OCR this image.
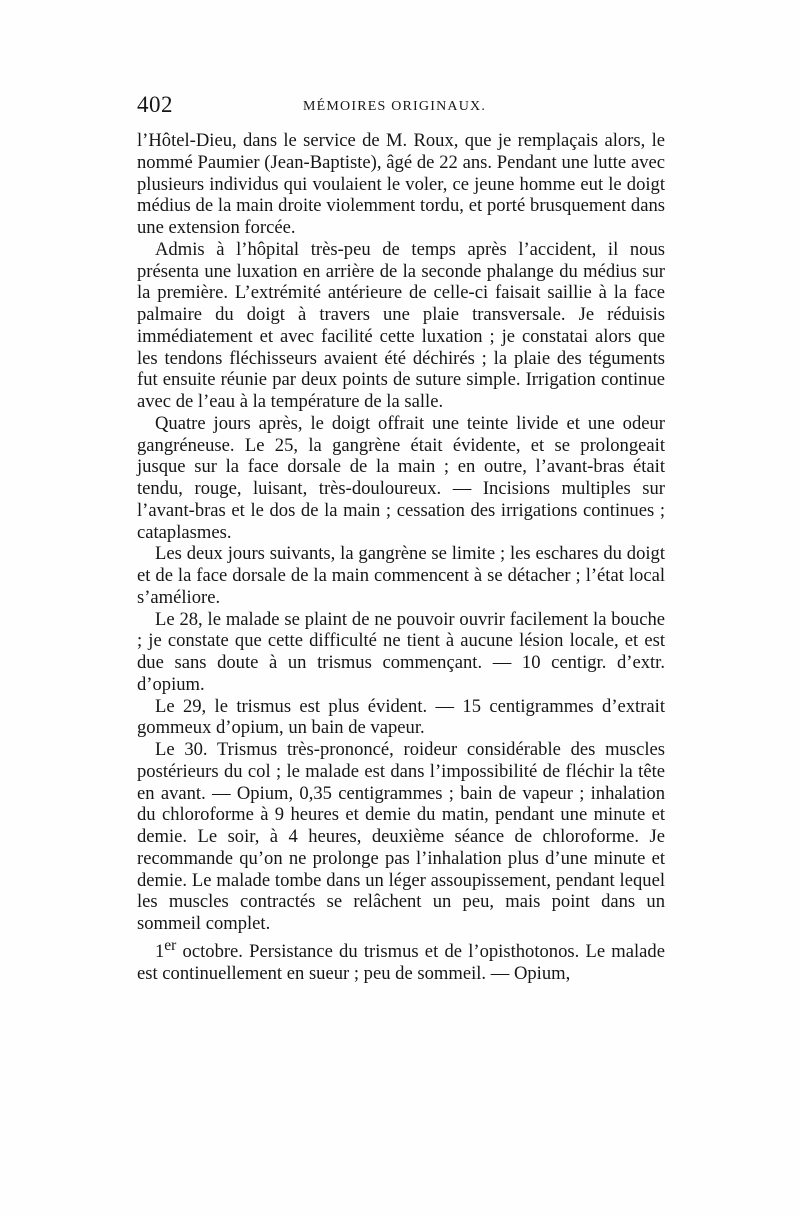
402	MÉMOIRES ORIGINAUX.

l’Hôtel-Dieu, dans le service de M. Roux, que je remplaçais alors, le nommé Paumier (Jean-Baptiste), âgé de 22 ans. Pendant une lutte avec plusieurs individus qui voulaient le voler, ce jeune homme eut le doigt médius de la main droite violemment tordu, et porté brusquement dans une extension forcée.

Admis à l’hôpital très-peu de temps après l’accident, il nous présenta une luxation en arrière de la seconde phalange du médius sur la première. L’extrémité antérieure de celle-ci faisait saillie à la face palmaire du doigt à travers une plaie transversale. Je réduisis immédiatement et avec facilité cette luxation ; je constatai alors que les tendons fléchisseurs avaient été déchirés ; la plaie des téguments fut ensuite réunie par deux points de suture simple. Irrigation continue avec de l’eau à la température de la salle.

Quatre jours après, le doigt offrait une teinte livide et une odeur gangréneuse. Le 25, la gangrène était évidente, et se prolongeait jusque sur la face dorsale de la main ; en outre, l’avant-bras était tendu, rouge, luisant, très-douloureux. — Incisions multiples sur l’avant-bras et le dos de la main ; cessation des irrigations continues ; cataplasmes.

Les deux jours suivants, la gangrène se limite ; les eschares du doigt et de la face dorsale de la main commencent à se détacher ; l’état local s’améliore.

Le 28, le malade se plaint de ne pouvoir ouvrir facilement la bouche ; je constate que cette difficulté ne tient à aucune lésion locale, et est due sans doute à un trismus commençant. — 10 centigr. d’extr. d’opium.

Le 29, le trismus est plus évident. — 15 centigrammes d’extrait gommeux d’opium, un bain de vapeur.

Le 30. Trismus très-prononcé, roideur considérable des muscles postérieurs du col ; le malade est dans l’impossibilité de fléchir la tête en avant. — Opium, 0,35 centigrammes ; bain de vapeur ; inhalation du chloroforme à 9 heures et demie du matin, pendant une minute et demie. Le soir, à 4 heures, deuxième séance de chloroforme. Je recommande qu’on ne prolonge pas l’inhalation plus d’une minute et demie. Le malade tombe dans un léger assoupissement, pendant lequel les muscles contractés se relâchent un peu, mais point dans un sommeil complet.

1er octobre. Persistance du trismus et de l’opisthotonos. Le malade est continuellement en sueur ; peu de sommeil. — Opium,
